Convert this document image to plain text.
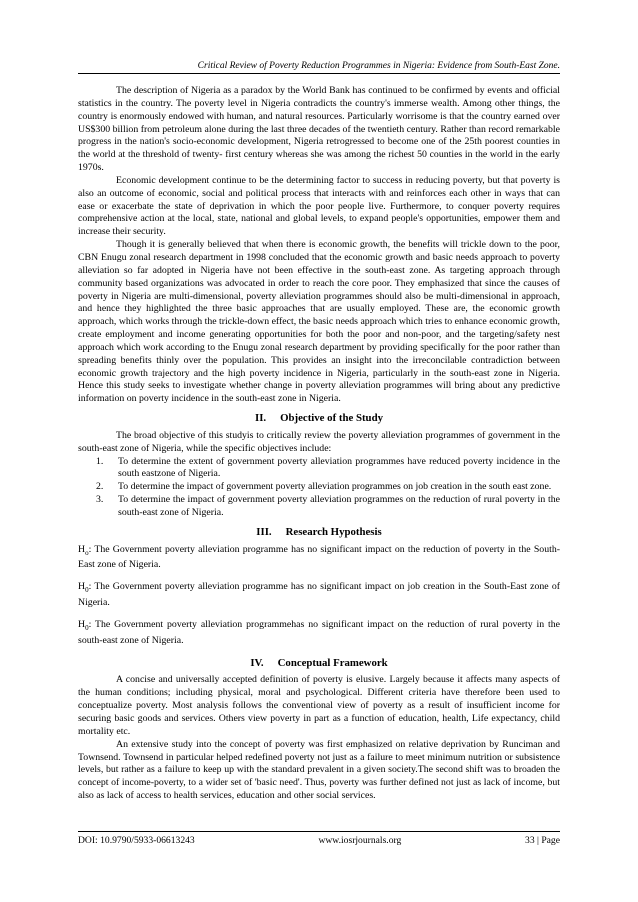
Critical Review of Poverty Reduction Programmes in Nigeria: Evidence from South-East Zone.

The description of Nigeria as a paradox by the World Bank has continued to be confirmed by events and official statistics in the country. The poverty level in Nigeria contradicts the country's immerse wealth. Among other things, the country is enormously endowed with human, and natural resources. Particularly worrisome is that the country earned over US$300 billion from petroleum alone during the last three decades of the twentieth century. Rather than record remarkable progress in the nation's socio-economic development, Nigeria retrogressed to become one of the 25th poorest counties in the world at the threshold of twenty- first century whereas she was among the richest 50 counties in the world in the early 1970s.

Economic development continue to be the determining factor to success in reducing poverty, but that poverty is also an outcome of economic, social and political process that interacts with and reinforces each other in ways that can ease or exacerbate the state of deprivation in which the poor people live. Furthermore, to conquer poverty requires comprehensive action at the local, state, national and global levels, to expand people's opportunities, empower them and increase their security.

Though it is generally believed that when there is economic growth, the benefits will trickle down to the poor, CBN Enugu zonal research department in 1998 concluded that the economic growth and basic needs approach to poverty alleviation so far adopted in Nigeria have not been effective in the south-east zone. As targeting approach through community based organizations was advocated in order to reach the core poor. They emphasized that since the causes of poverty in Nigeria are multi-dimensional, poverty alleviation programmes should also be multi-dimensional in approach, and hence they highlighted the three basic approaches that are usually employed. These are, the economic growth approach, which works through the trickle-down effect, the basic needs approach which tries to enhance economic growth, create employment and income generating opportunities for both the poor and non-poor, and the targeting/safety nest approach which work according to the Enugu zonal research department by providing specifically for the poor rather than spreading benefits thinly over the population. This provides an insight into the irreconcilable contradiction between economic growth trajectory and the high poverty incidence in Nigeria, particularly in the south-east zone in Nigeria. Hence this study seeks to investigate whether change in poverty alleviation programmes will bring about any predictive information on poverty incidence in the south-east zone in Nigeria.

II. Objective of the Study

The broad objective of this studyis to critically review the poverty alleviation programmes of government in the south-east zone of Nigeria, while the specific objectives include:

1. To determine the extent of government poverty alleviation programmes have reduced poverty incidence in the south eastzone of Nigeria.
2. To determine the impact of government poverty alleviation programmes on job creation in the south east zone.
3. To determine the impact of government poverty alleviation programmes on the reduction of rural poverty in the south-east zone of Nigeria.
III. Research Hypothesis

$H_o$: The Government poverty alleviation programme has no significant impact on the reduction of poverty in the South-East zone of Nigeria.

$H_0$: The Government poverty alleviation programme has no significant impact on job creation in the South-East zone of Nigeria.

$H_0$: The Government poverty alleviation programmehas no significant impact on the reduction of rural poverty in the south-east zone of Nigeria.

IV. Conceptual Framework

A concise and universally accepted definition of poverty is elusive. Largely because it affects many aspects of the human conditions; including physical, moral and psychological. Different criteria have therefore been used to conceptualize poverty. Most analysis follows the conventional view of poverty as a result of insufficient income for securing basic goods and services. Others view poverty in part as a function of education, health, Life expectancy, child mortality etc.

An extensive study into the concept of poverty was first emphasized on relative deprivation by Runciman and Townsend. Townsend in particular helped redefined poverty not just as a failure to meet minimum nutrition or subsistence levels, but rather as a failure to keep up with the standard prevalent in a given society.The second shift was to broaden the concept of income-poverty, to a wider set of 'basic need'. Thus, poverty was further defined not just as lack of income, but also as lack of access to health services, education and other social services.

DOI: 10.9790/5933-06613243	www.iosrjournals.org	33 | Page
